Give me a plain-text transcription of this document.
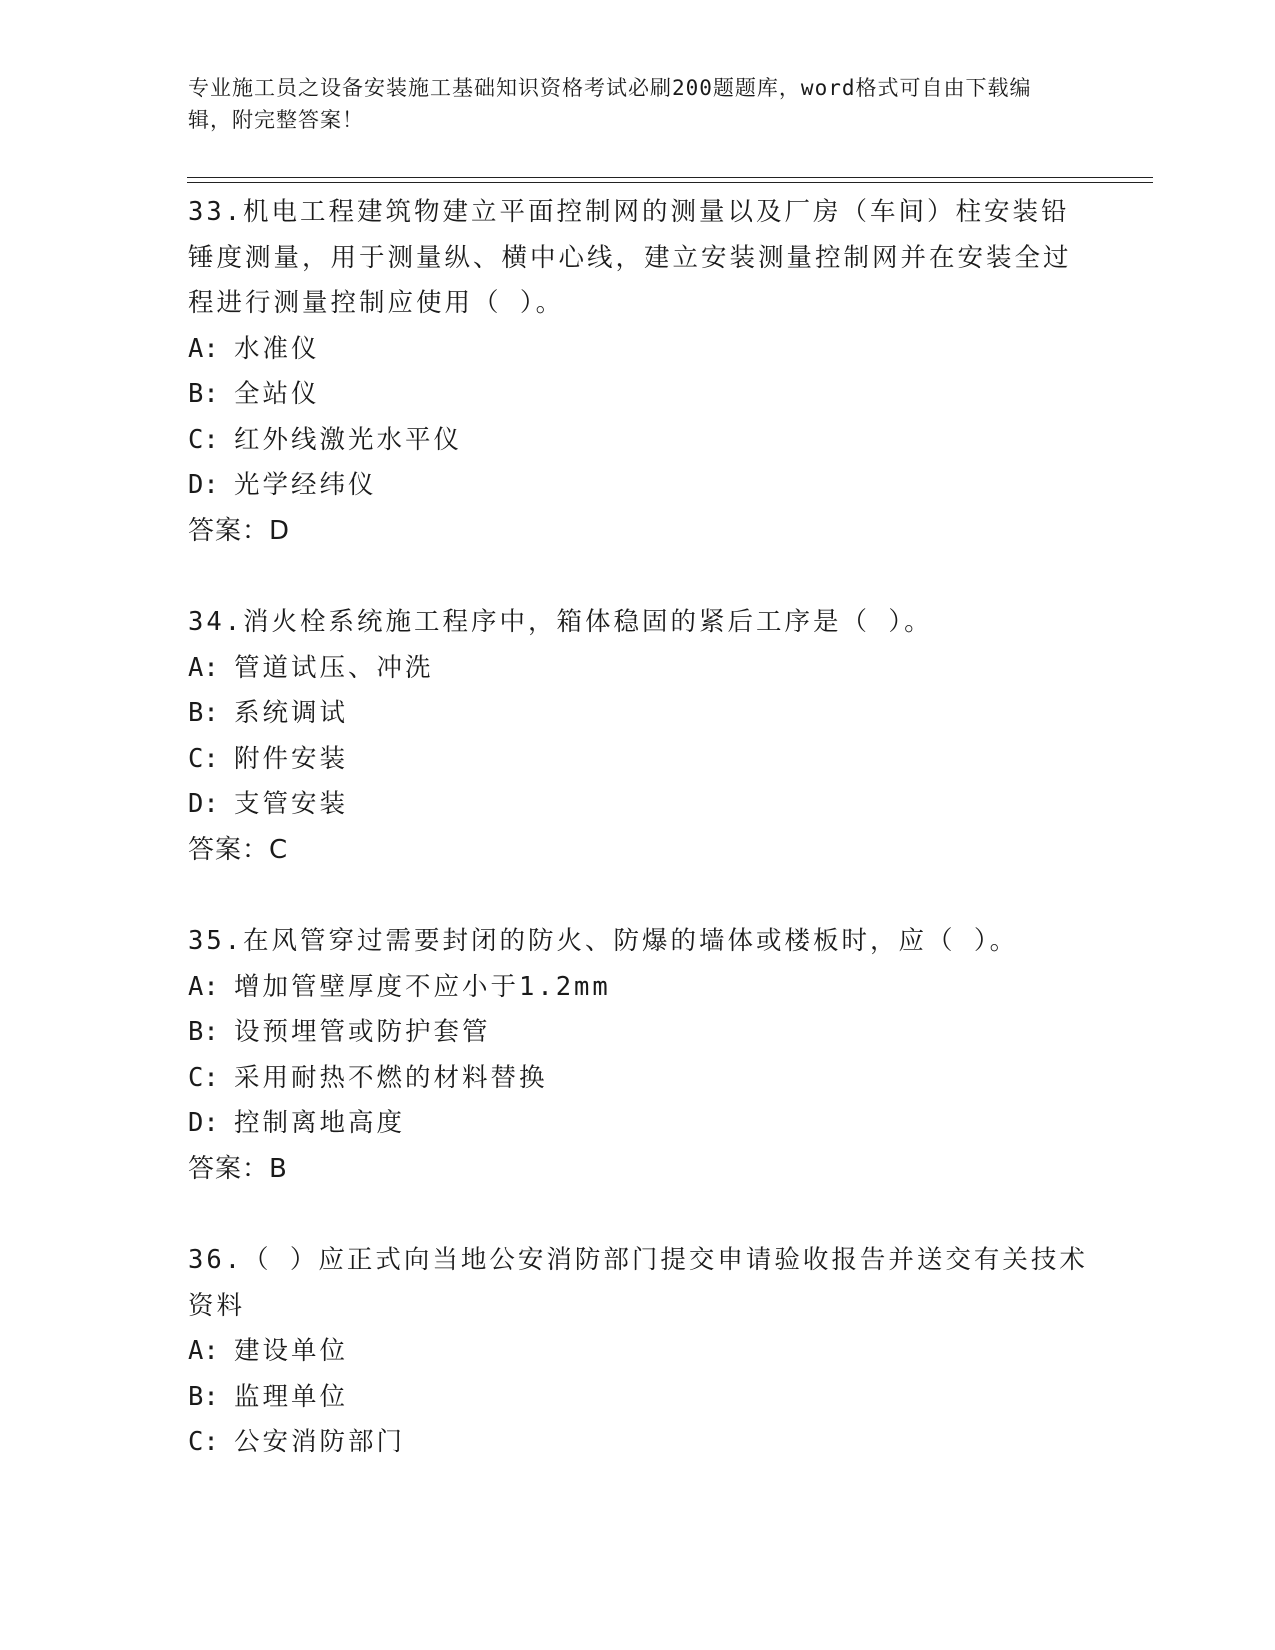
专业施工员之设备安装施工基础知识资格考试必刷200题题库，word格式可自由下载编辑，附完整答案！
33.机电工程建筑物建立平面控制网的测量以及厂房（车间）柱安装铅锤度测量，用于测量纵、横中心线，建立安装测量控制网并在安装全过程进行测量控制应使用（ ）。
A: 水准仪
B: 全站仪
C: 红外线激光水平仪
D: 光学经纬仪
答案：D
34.消火栓系统施工程序中，箱体稳固的紧后工序是（ ）。
A: 管道试压、冲洗
B: 系统调试
C: 附件安装
D: 支管安装
答案：C
35.在风管穿过需要封闭的防火、防爆的墙体或楼板时，应（ ）。
A: 增加管壁厚度不应小于1.2mm
B: 设预埋管或防护套管
C: 采用耐热不燃的材料替换
D: 控制离地高度
答案：B
36.（ ）应正式向当地公安消防部门提交申请验收报告并送交有关技术资料
A: 建设单位
B: 监理单位
C: 公安消防部门
